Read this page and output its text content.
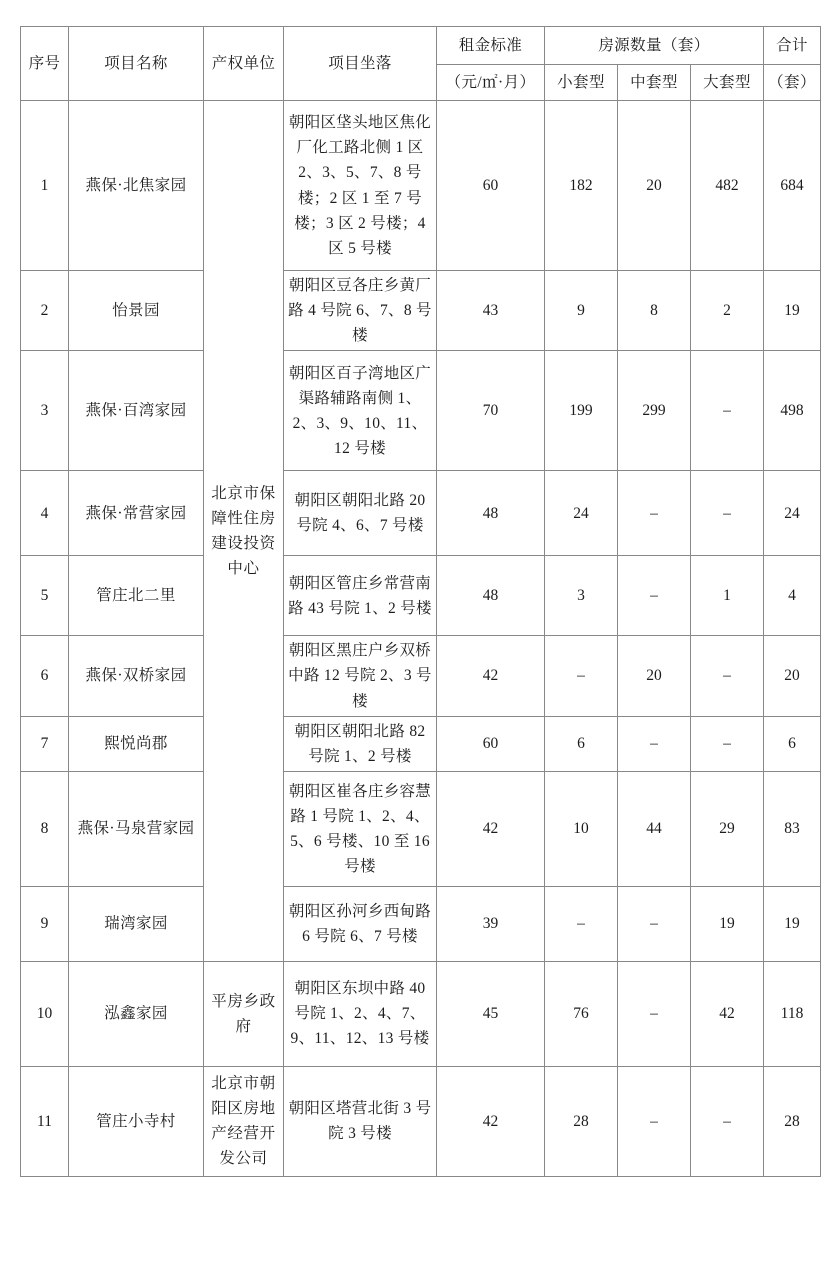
序号	项目名称	产权单位	项目坐落	租金标准	房源数量（套）			合计
				（元/㎡·月）	小套型	中套型	大套型	（套）
1	燕保·北焦家园	北京市保障性住房建设投资中心	朝阳区垡头地区焦化厂化工路北侧 1 区 2、3、5、7、8 号楼；2 区 1 至 7 号楼；3 区 2 号楼；4 区 5 号楼	60	182	20	482	684
2	怡景园		朝阳区豆各庄乡黄厂路 4 号院 6、7、8 号楼	43	9	8	2	19
3	燕保·百湾家园		朝阳区百子湾地区广渠路辅路南侧 1、2、3、9、10、11、12 号楼	70	199	299	–	498
4	燕保·常营家园		朝阳区朝阳北路 20 号院 4、6、7 号楼	48	24	–	–	24
5	管庄北二里		朝阳区管庄乡常营南路 43 号院 1、2 号楼	48	3	–	1	4
6	燕保·双桥家园		朝阳区黑庄户乡双桥中路 12 号院 2、3 号楼	42	–	20	–	20
7	熙悦尚郡		朝阳区朝阳北路 82 号院 1、2 号楼	60	6	–	–	6
8	燕保·马泉营家园		朝阳区崔各庄乡容慧路 1 号院 1、2、4、5、6 号楼、10 至 16 号楼	42	10	44	29	83
9	瑞湾家园		朝阳区孙河乡西甸路 6 号院 6、7 号楼	39	–	–	19	19
10	泓鑫家园	平房乡政府	朝阳区东坝中路 40 号院 1、2、4、7、9、11、12、13 号楼	45	76	–	42	118
11	管庄小寺村	北京市朝阳区房地产经营开发公司	朝阳区塔营北街 3 号院 3 号楼	42	28	–	–	28
